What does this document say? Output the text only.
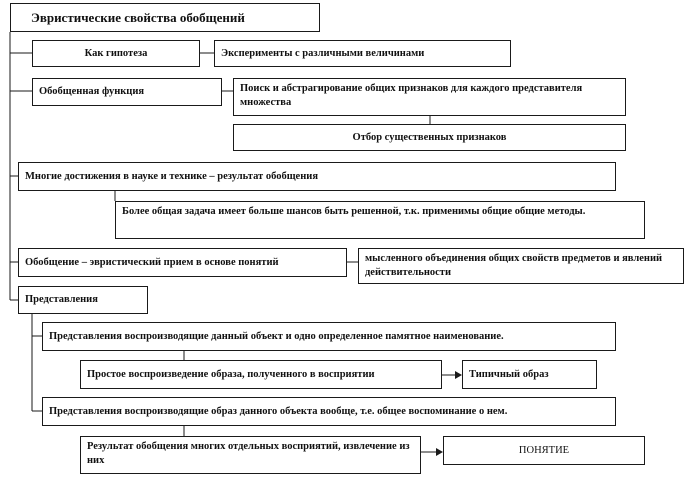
Эвристические свойства обобщений
Как гипотеза	Эксперименты с различными величинами
Обобщенная функция	Поиск и абстрагирование общих признаков для каждого представителя множества
Отбор существенных признаков
Многие достижения в науке и технике – результат обобщения
Более общая задача имеет больше шансов быть решенной, т.к. применимы общие общие методы.
Обобщение – эвристический прием в основе понятий	мысленного объединения общих свойств предметов и явлений действительности
Представления
Представления воспроизводящие данный объект и одно определенное памятное наименование.
Простое воспроизведение образа, полученного в восприятии	Типичный образ
Представления воспроизводящие образ данного объекта вообще, т.е. общее воспоминание о нем.
Результат обобщения многих отдельных восприятий, извлечение из них
ПОНЯТИЕ
